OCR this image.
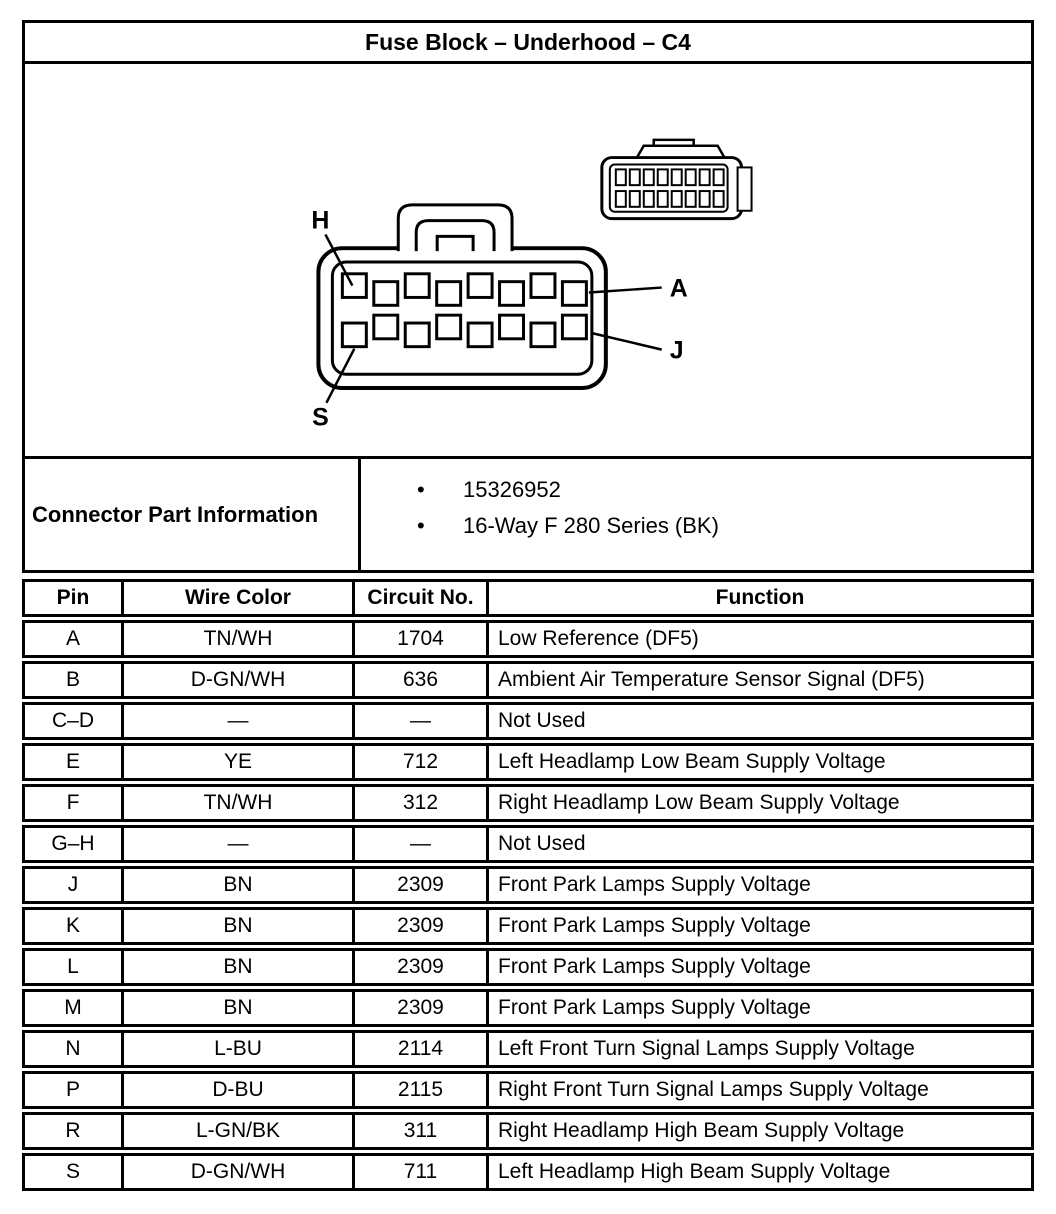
Fuse Block – Underhood – C4
H
A
J
S
Connector Part Information
•	15326952
•	16-Way F 280 Series (BK)
Pin	Wire Color	Circuit No.	Function
A	TN/WH	1704	Low Reference (DF5)
B	D-GN/WH	636	Ambient Air Temperature Sensor Signal (DF5)
C–D	—	—	Not Used
E	YE	712	Left Headlamp Low Beam Supply Voltage
F	TN/WH	312	Right Headlamp Low Beam Supply Voltage
G–H	—	—	Not Used
J	BN	2309	Front Park Lamps Supply Voltage
K	BN	2309	Front Park Lamps Supply Voltage
L	BN	2309	Front Park Lamps Supply Voltage
M	BN	2309	Front Park Lamps Supply Voltage
N	L-BU	2114	Left Front Turn Signal Lamps Supply Voltage
P	D-BU	2115	Right Front Turn Signal Lamps Supply Voltage
R	L-GN/BK	311	Right Headlamp High Beam Supply Voltage
S	D-GN/WH	711	Left Headlamp High Beam Supply Voltage
